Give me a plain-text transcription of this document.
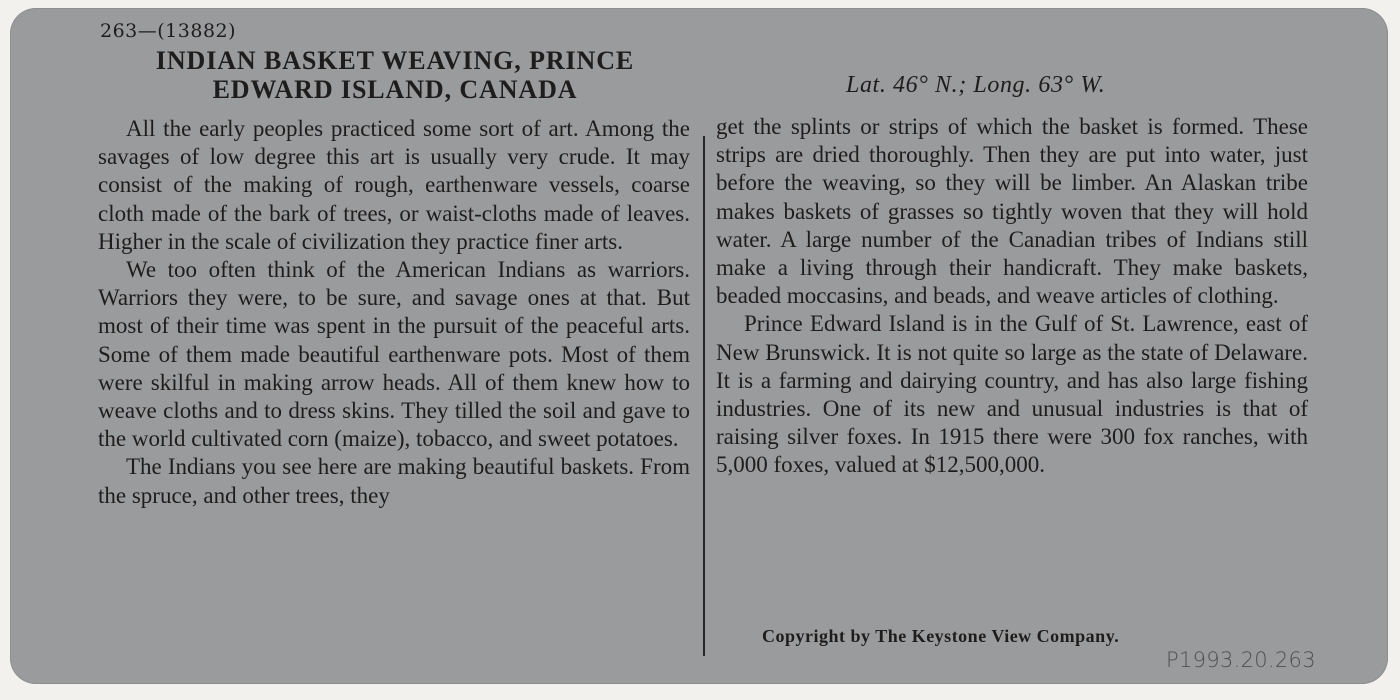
263—(13882)
INDIAN BASKET WEAVING, PRINCE
EDWARD ISLAND, CANADA	Lat. 46° N.; Long. 63° W.

All the early peoples practiced some sort of art. Among the savages of low degree this art is usually very crude. It may consist of the making of rough, earthenware vessels, coarse cloth made of the bark of trees, or waist-cloths made of leaves. Higher in the scale of civilization they practice finer arts.

We too often think of the American Indians as warriors. Warriors they were, to be sure, and savage ones at that. But most of their time was spent in the pursuit of the peaceful arts. Some of them made beautiful earthenware pots. Most of them were skilful in making arrow heads. All of them knew how to weave cloths and to dress skins. They tilled the soil and gave to the world cultivated corn (maize), tobacco, and sweet potatoes.

The Indians you see here are making beautiful baskets. From the spruce, and other trees, they

get the splints or strips of which the basket is formed. These strips are dried thoroughly. Then they are put into water, just before the weaving, so they will be limber. An Alaskan tribe makes baskets of grasses so tightly woven that they will hold water. A large number of the Canadian tribes of Indians still make a living through their handicraft. They make baskets, beaded moccasins, and beads, and weave articles of clothing.

Prince Edward Island is in the Gulf of St. Lawrence, east of New Brunswick. It is not quite so large as the state of Delaware. It is a farming and dairying country, and has also large fishing industries. One of its new and unusual industries is that of raising silver foxes. In 1915 there were 300 fox ranches, with 5,000 foxes, valued at $12,500,000.

Copyright by The Keystone View Company.
P1993.20.263
